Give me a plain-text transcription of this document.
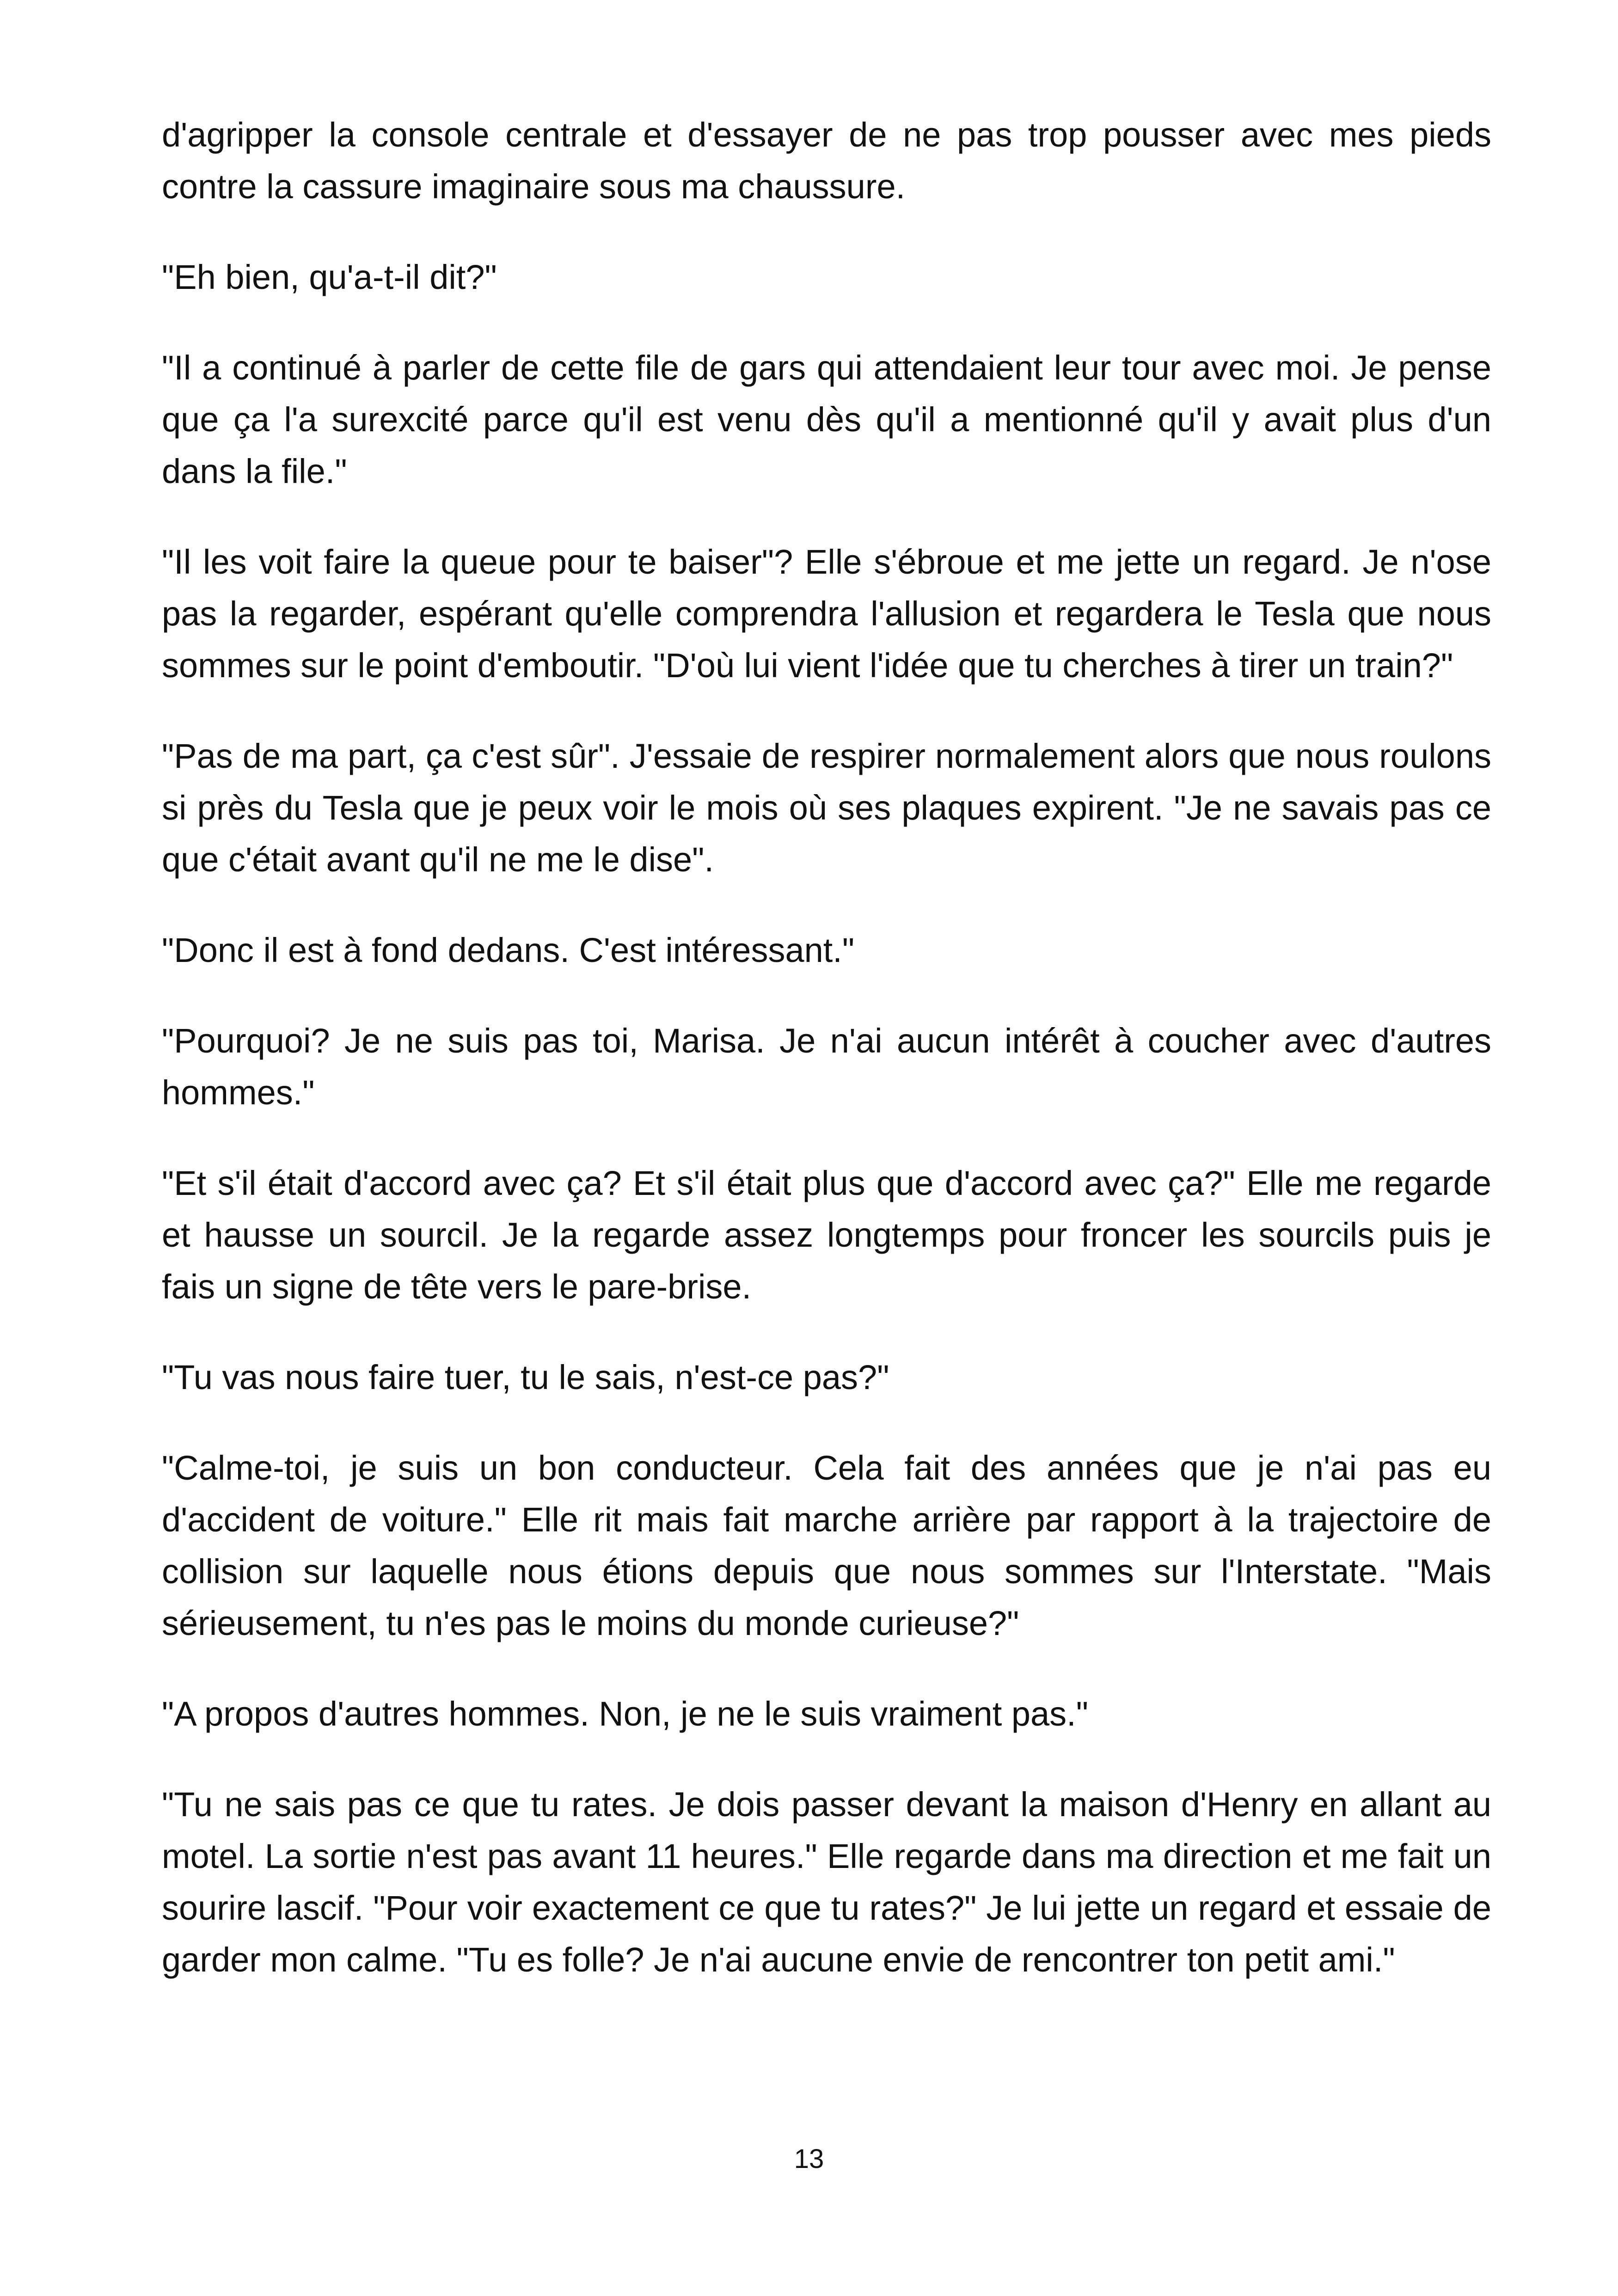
d'agripper la console centrale et d'essayer de ne pas trop pousser avec mes pieds contre la cassure imaginaire sous ma chaussure.

"Eh bien, qu'a-t-il dit?"

"Il a continué à parler de cette file de gars qui attendaient leur tour avec moi. Je pense que ça l'a surexcité parce qu'il est venu dès qu'il a mentionné qu'il y avait plus d'un dans la file."

"Il les voit faire la queue pour te baiser"? Elle s'ébroue et me jette un regard. Je n'ose pas la regarder, espérant qu'elle comprendra l'allusion et regardera le Tesla que nous sommes sur le point d'emboutir. "D'où lui vient l'idée que tu cherches à tirer un train?"

"Pas de ma part, ça c'est sûr". J'essaie de respirer normalement alors que nous roulons si près du Tesla que je peux voir le mois où ses plaques expirent. "Je ne savais pas ce que c'était avant qu'il ne me le dise".

"Donc il est à fond dedans. C'est intéressant."

"Pourquoi? Je ne suis pas toi, Marisa. Je n'ai aucun intérêt à coucher avec d'autres hommes."

"Et s'il était d'accord avec ça? Et s'il était plus que d'accord avec ça?" Elle me regarde et hausse un sourcil. Je la regarde assez longtemps pour froncer les sourcils puis je fais un signe de tête vers le pare-brise.

"Tu vas nous faire tuer, tu le sais, n'est-ce pas?"

"Calme-toi, je suis un bon conducteur. Cela fait des années que je n'ai pas eu d'accident de voiture." Elle rit mais fait marche arrière par rapport à la trajectoire de collision sur laquelle nous étions depuis que nous sommes sur l'Interstate. "Mais sérieusement, tu n'es pas le moins du monde curieuse?"

"A propos d'autres hommes. Non, je ne le suis vraiment pas."

"Tu ne sais pas ce que tu rates. Je dois passer devant la maison d'Henry en allant au motel. La sortie n'est pas avant 11 heures." Elle regarde dans ma direction et me fait un sourire lascif. "Pour voir exactement ce que tu rates?" Je lui jette un regard et essaie de garder mon calme. "Tu es folle? Je n'ai aucune envie de rencontrer ton petit ami."

13
